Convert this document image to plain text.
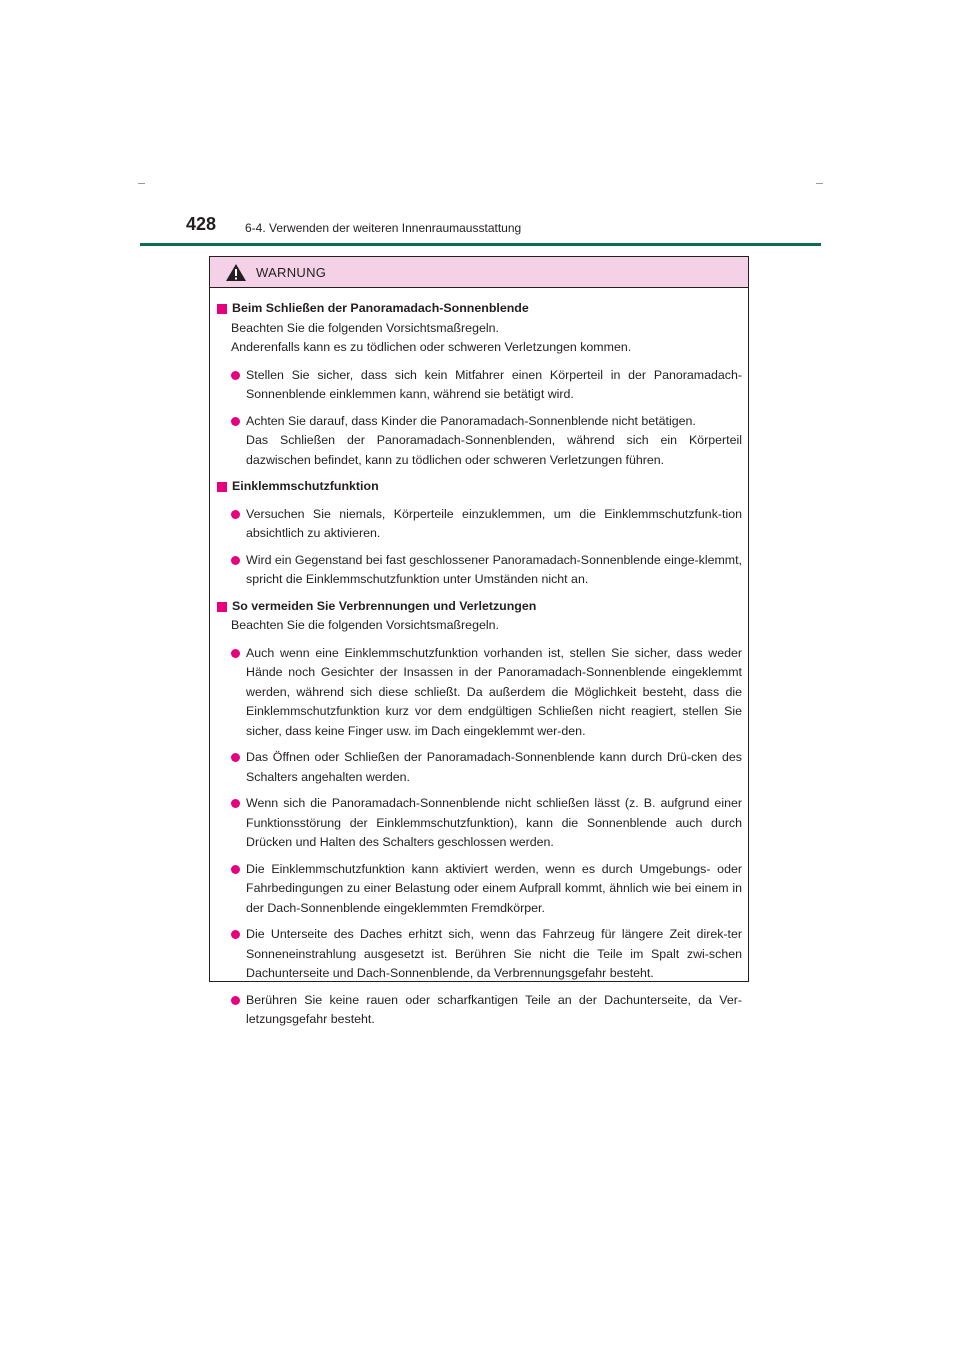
428 6-4. Verwenden der weiteren Innenraumausstattung
WARNUNG
Beim Schließen der Panoramadach-Sonnenblende
Beachten Sie die folgenden Vorsichtsmaßregeln.
Anderenfalls kann es zu tödlichen oder schweren Verletzungen kommen.

Stellen Sie sicher, dass sich kein Mitfahrer einen Körperteil in der Panoramadach-Sonnenblende einklemmen kann, während sie betätigt wird.

Achten Sie darauf, dass Kinder die Panoramadach-Sonnenblende nicht betätigen.

Das Schließen der Panoramadach-Sonnenblenden, während sich ein Körperteil dazwischen befindet, kann zu tödlichen oder schweren Verletzungen führen.

Einklemmschutzfunktion

Versuchen Sie niemals, Körperteile einzuklemmen, um die Einklemmschutzfunk-tion absichtlich zu aktivieren.

Wird ein Gegenstand bei fast geschlossener Panoramadach-Sonnenblende einge-klemmt, spricht die Einklemmschutzfunktion unter Umständen nicht an.

So vermeiden Sie Verbrennungen und Verletzungen
Beachten Sie die folgenden Vorsichtsmaßregeln.

Auch wenn eine Einklemmschutzfunktion vorhanden ist, stellen Sie sicher, dass weder Hände noch Gesichter der Insassen in der Panoramadach-Sonnenblende eingeklemmt werden, während sich diese schließt. Da außerdem die Möglichkeit besteht, dass die Einklemmschutzfunktion kurz vor dem endgültigen Schließen nicht reagiert, stellen Sie sicher, dass keine Finger usw. im Dach eingeklemmt wer-den.

Das Öffnen oder Schließen der Panoramadach-Sonnenblende kann durch Drü-cken des Schalters angehalten werden.

Wenn sich die Panoramadach-Sonnenblende nicht schließen lässt (z. B. aufgrund einer Funktionsstörung der Einklemmschutzfunktion), kann die Sonnenblende auch durch Drücken und Halten des Schalters geschlossen werden.

Die Einklemmschutzfunktion kann aktiviert werden, wenn es durch Umgebungs- oder Fahrbedingungen zu einer Belastung oder einem Aufprall kommt, ähnlich wie bei einem in der Dach-Sonnenblende eingeklemmten Fremdkörper.

Die Unterseite des Daches erhitzt sich, wenn das Fahrzeug für längere Zeit direk-ter Sonneneinstrahlung ausgesetzt ist. Berühren Sie nicht die Teile im Spalt zwi-schen Dachunterseite und Dach-Sonnenblende, da Verbrennungsgefahr besteht.

Berühren Sie keine rauen oder scharfkantigen Teile an der Dachunterseite, da Ver-letzungsgefahr besteht.
